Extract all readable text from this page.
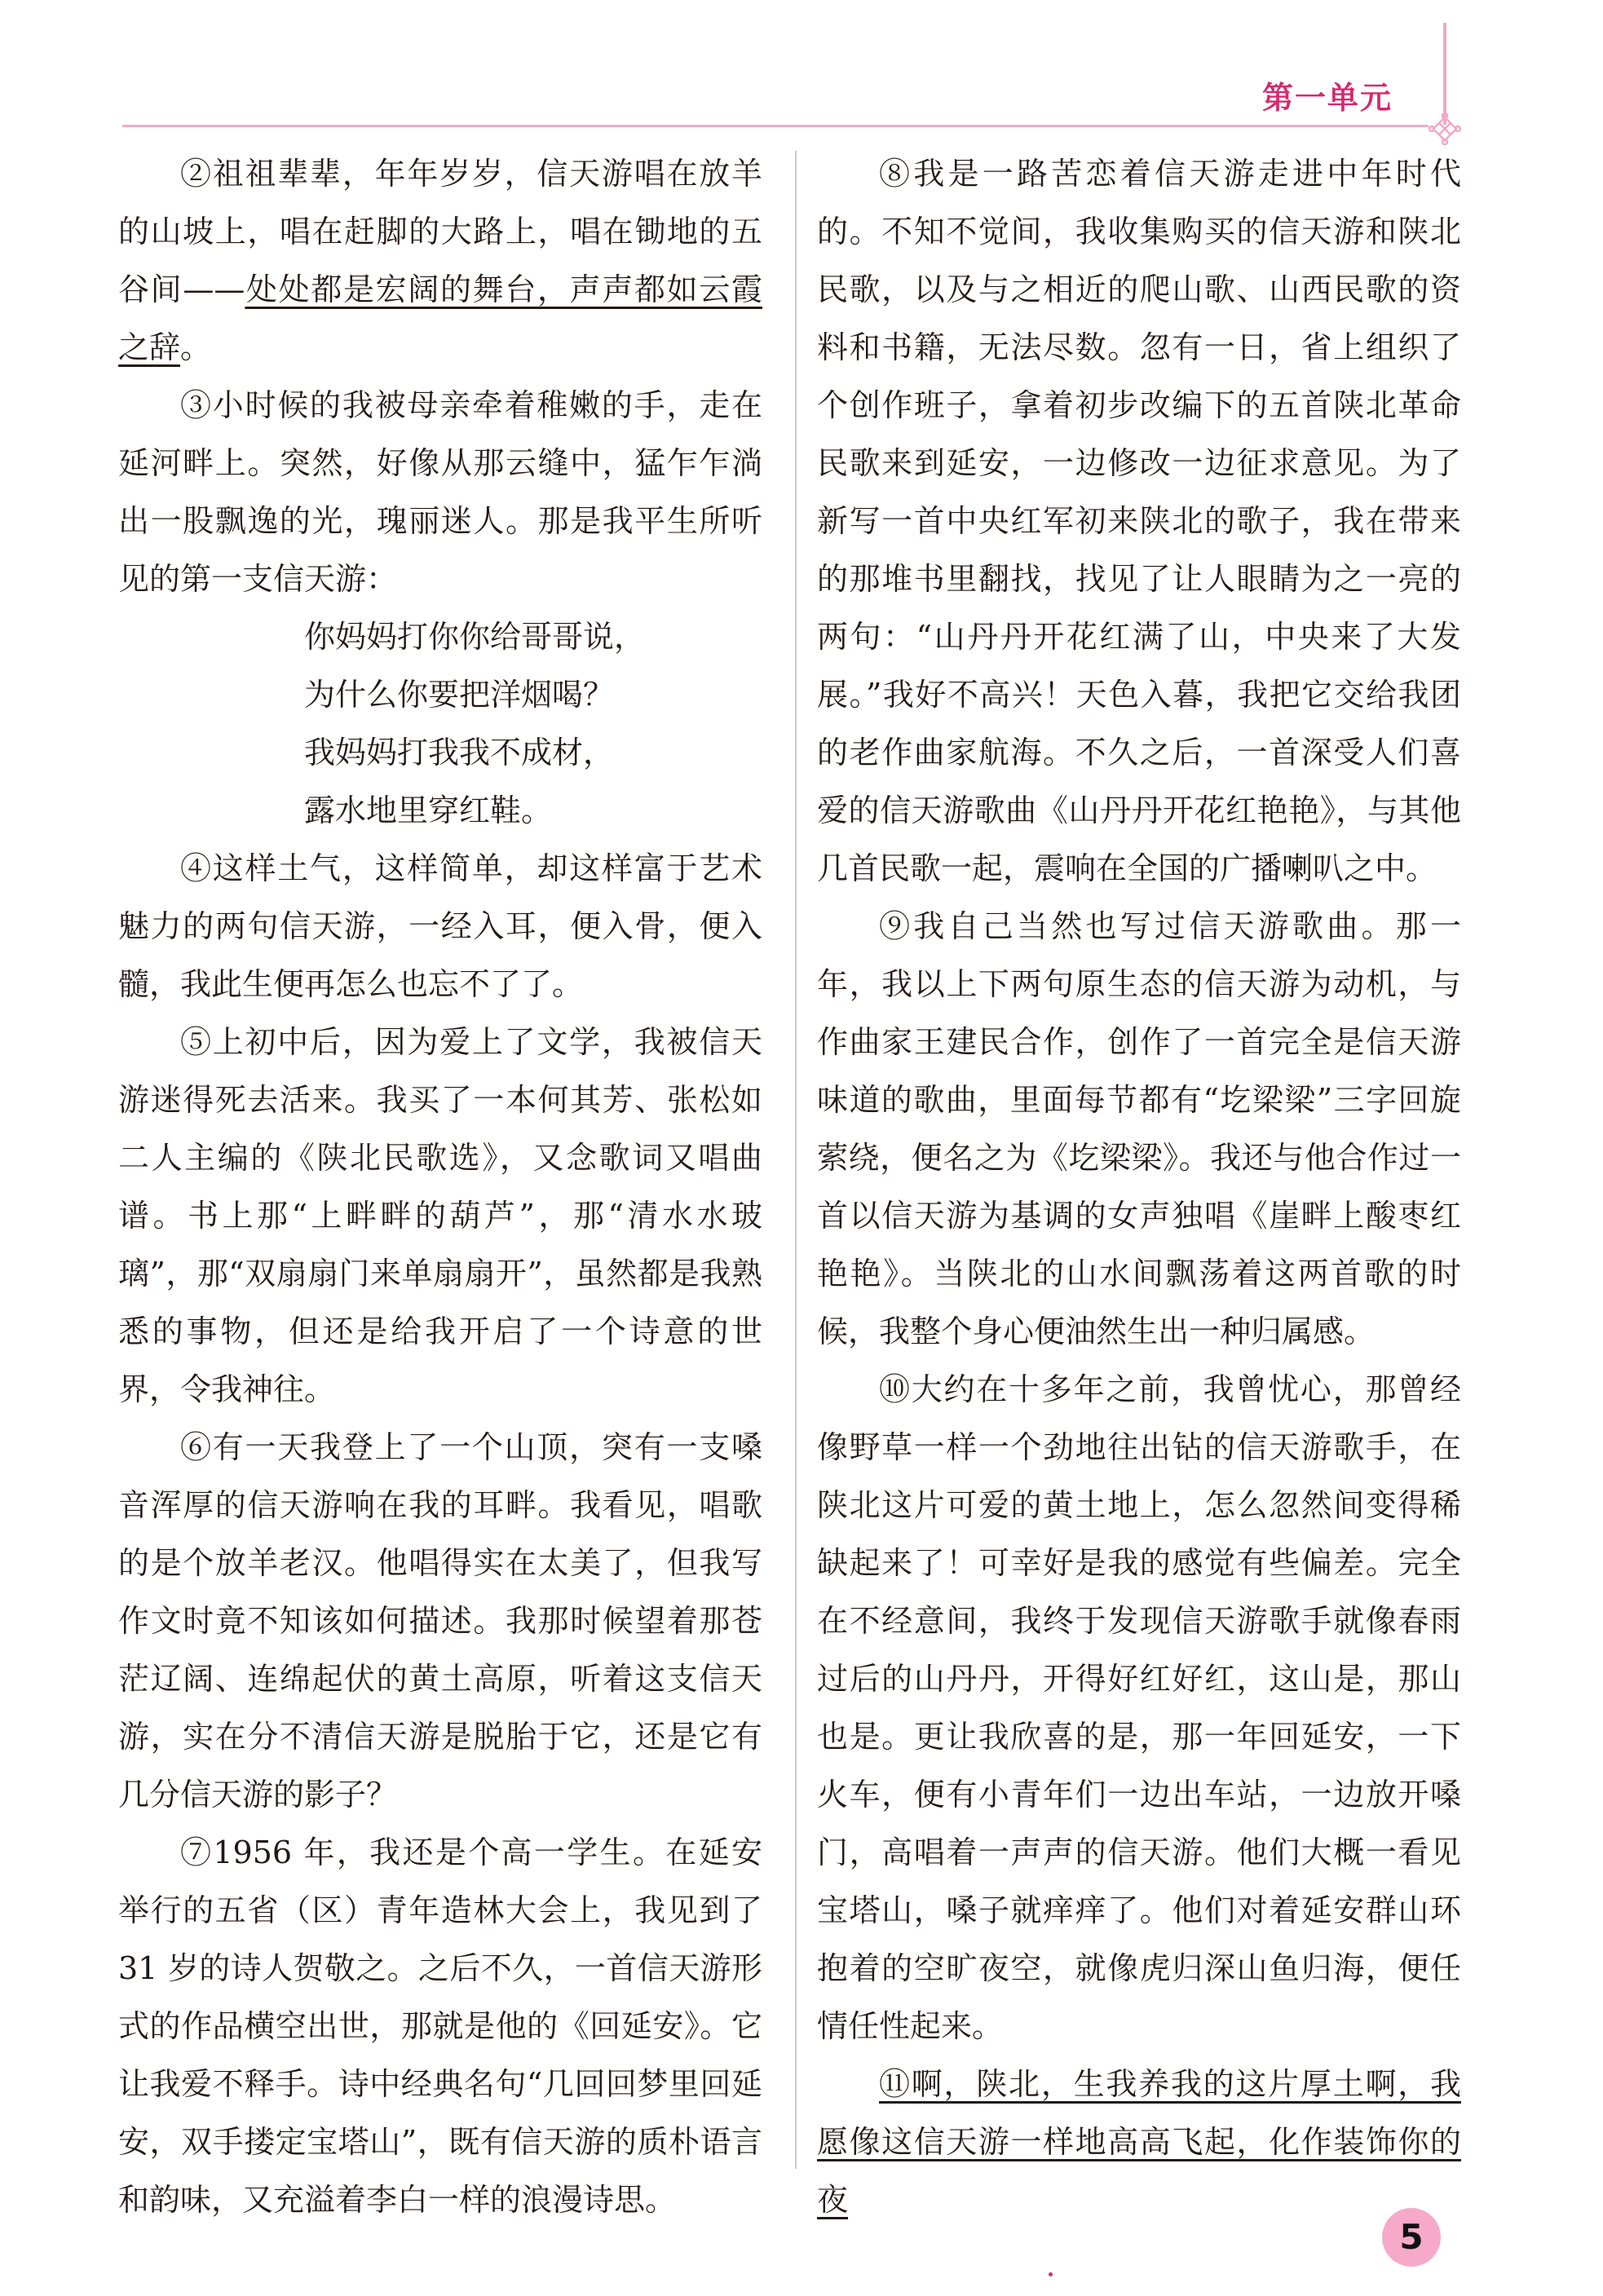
第一单元

②祖祖辈辈，年年岁岁，信天游唱在放羊的山坡上，唱在赶脚的大路上，唱在锄地的五谷间——处处都是宏阔的舞台，声声都如云霞之辞。

③小时候的我被母亲牵着稚嫩的手，走在延河畔上。突然，好像从那云缝中，猛乍乍淌出一股飘逸的光，瑰丽迷人。那是我平生所听见的第一支信天游：

你妈妈打你你给哥哥说，
为什么你要把洋烟喝？
我妈妈打我我不成材，
露水地里穿红鞋。

④这样土气，这样简单，却这样富于艺术魅力的两句信天游，一经入耳，便入骨，便入髓，我此生便再怎么也忘不了了。

⑤上初中后，因为爱上了文学，我被信天游迷得死去活来。我买了一本何其芳、张松如二人主编的《陕北民歌选》，又念歌词又唱曲谱。书上那“上畔畔的葫芦”，那“清水水玻璃”，那“双扇扇门来单扇扇开”，虽然都是我熟悉的事物，但还是给我开启了一个诗意的世界，令我神往。

⑥有一天我登上了一个山顶，突有一支嗓音浑厚的信天游响在我的耳畔。我看见，唱歌的是个放羊老汉。他唱得实在太美了，但我写作文时竟不知该如何描述。我那时候望着那苍茫辽阔、连绵起伏的黄土高原，听着这支信天游，实在分不清信天游是脱胎于它，还是它有几分信天游的影子？

⑦1956 年，我还是个高一学生。在延安举行的五省（区）青年造林大会上，我见到了31 岁的诗人贺敬之。之后不久，一首信天游形式的作品横空出世，那就是他的《回延安》。它让我爱不释手。诗中经典名句“几回回梦里回延安，双手搂定宝塔山”，既有信天游的质朴语言和韵味，又充溢着李白一样的浪漫诗思。

⑧我是一路苦恋着信天游走进中年时代的。不知不觉间，我收集购买的信天游和陕北民歌，以及与之相近的爬山歌、山西民歌的资料和书籍，无法尽数。忽有一日，省上组织了个创作班子，拿着初步改编下的五首陕北革命民歌来到延安，一边修改一边征求意见。为了新写一首中央红军初来陕北的歌子，我在带来的那堆书里翻找，找见了让人眼睛为之一亮的两句：“山丹丹开花红满了山，中央来了大发展。”我好不高兴！天色入暮，我把它交给我团的老作曲家航海。不久之后，一首深受人们喜爱的信天游歌曲《山丹丹开花红艳艳》，与其他几首民歌一起，震响在全国的广播喇叭之中。

⑨我自己当然也写过信天游歌曲。那一年，我以上下两句原生态的信天游为动机，与作曲家王建民合作，创作了一首完全是信天游味道的歌曲，里面每节都有“圪梁梁”三字回旋萦绕，便名之为《圪梁梁》。我还与他合作过一首以信天游为基调的女声独唱《崖畔上酸枣红艳艳》。当陕北的山水间飘荡着这两首歌的时候，我整个身心便油然生出一种归属感。

⑩大约在十多年之前，我曾忧心，那曾经像野草一样一个劲地往出钻的信天游歌手，在陕北这片可爱的黄土地上，怎么忽然间变得稀缺起来了！可幸好是我的感觉有些偏差。完全在不经意间，我终于发现信天游歌手就像春雨过后的山丹丹，开得好红好红，这山是，那山也是。更让我欣喜的是，那一年回延安，一下火车，便有小青年们一边出车站，一边放开嗓门，高唱着一声声的信天游。他们大概一看见宝塔山，嗓子就痒痒了。他们对着延安群山环抱着的空旷夜空，就像虎归深山鱼归海，便任情任性起来。

⑪啊，陕北，生我养我的这片厚土啊，我愿像这信天游一样地高高飞起，化作装饰你的夜

5
